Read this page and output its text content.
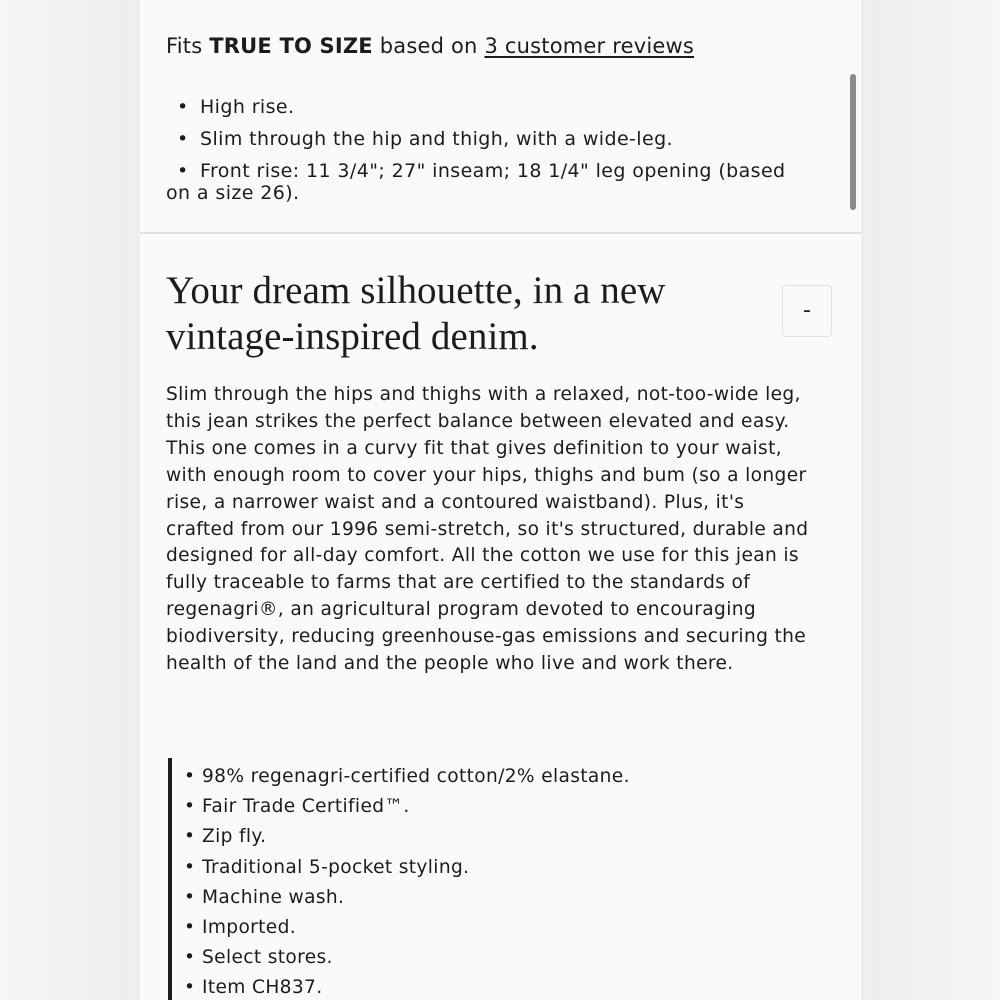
Fits TRUE TO SIZE based on 3 customer reviews
• High rise.
• Slim through the hip and thigh, with a wide-leg.
• Front rise: 11 3/4"; 27" inseam; 18 1/4" leg opening (based on a size 26).
Your dream silhouette, in a new vintage-inspired denim.
-

Slim through the hips and thighs with a relaxed, not-too-wide leg, this jean strikes the perfect balance between elevated and easy. This one comes in a curvy fit that gives definition to your waist, with enough room to cover your hips, thighs and bum (so a longer rise, a narrower waist and a contoured waistband). Plus, it's crafted from our 1996 semi-stretch, so it's structured, durable and designed for all-day comfort. All the cotton we use for this jean is fully traceable to farms that are certified to the standards of regenagri®, an agricultural program devoted to encouraging biodiversity, reducing greenhouse-gas emissions and securing the health of the land and the people who live and work there.

• 98% regenagri-certified cotton/2% elastane.
• Fair Trade Certified™.
• Zip fly.
• Traditional 5-pocket styling.
• Machine wash.
• Imported.
• Select stores.
• Item CH837.
